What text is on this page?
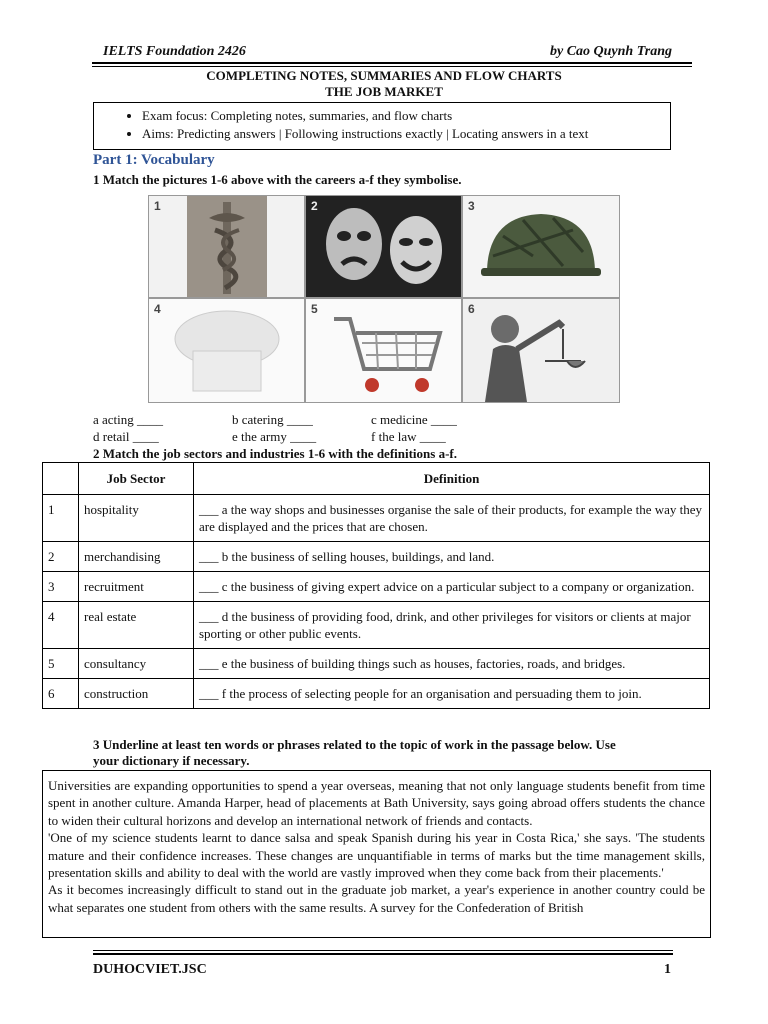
IELTS Foundation 2426	by Cao Quynh Trang
COMPLETING NOTES, SUMMARIES AND FLOW CHARTS
THE JOB MARKET
• Exam focus: Completing notes, summaries, and flow charts
• Aims: Predicting answers | Following instructions exactly | Locating answers in a text
Part 1: Vocabulary
1 Match the pictures 1-6 above with the careers a-f they symbolise.
1	2	3
4	5	6
a acting ____	b catering ____	c medicine ____
d retail ____	e the army ____	f the law ____
2 Match the job sectors and industries 1-6 with the definitions a-f.
	Job Sector	Definition
1	hospitality	___ a the way shops and businesses organise the sale of their products, for example the way they are displayed and the prices that are chosen.
2	merchandising	___ b the business of selling houses, buildings, and land.
3	recruitment	___ c the business of giving expert advice on a particular subject to a company or organization.
4	real estate	___ d the business of providing food, drink, and other privileges for visitors or clients at major sporting or other public events.
5	consultancy	___ e the business of building things such as houses, factories, roads, and bridges.
6	construction	___ f the process of selecting people for an organisation and persuading them to join.
3 Underline at least ten words or phrases related to the topic of work in the passage below. Use
your dictionary if necessary.

Universities are expanding opportunities to spend a year overseas, meaning that not only language students benefit from time spent in another culture. Amanda Harper, head of placements at Bath University, says going abroad offers students the chance to widen their cultural horizons and develop an international network of friends and contacts.

'One of my science students learnt to dance salsa and speak Spanish during his year in Costa Rica,' she says. 'The students mature and their confidence increases. These changes are unquantifiable in terms of marks but the time management skills, presentation skills and ability to deal with the world are vastly improved when they come back from their placements.'

As it becomes increasingly difficult to stand out in the graduate job market, a year's experience in another country could be what separates one student from others with the same results. A survey for the Confederation of British

DUHOCVIET.JSC	1
